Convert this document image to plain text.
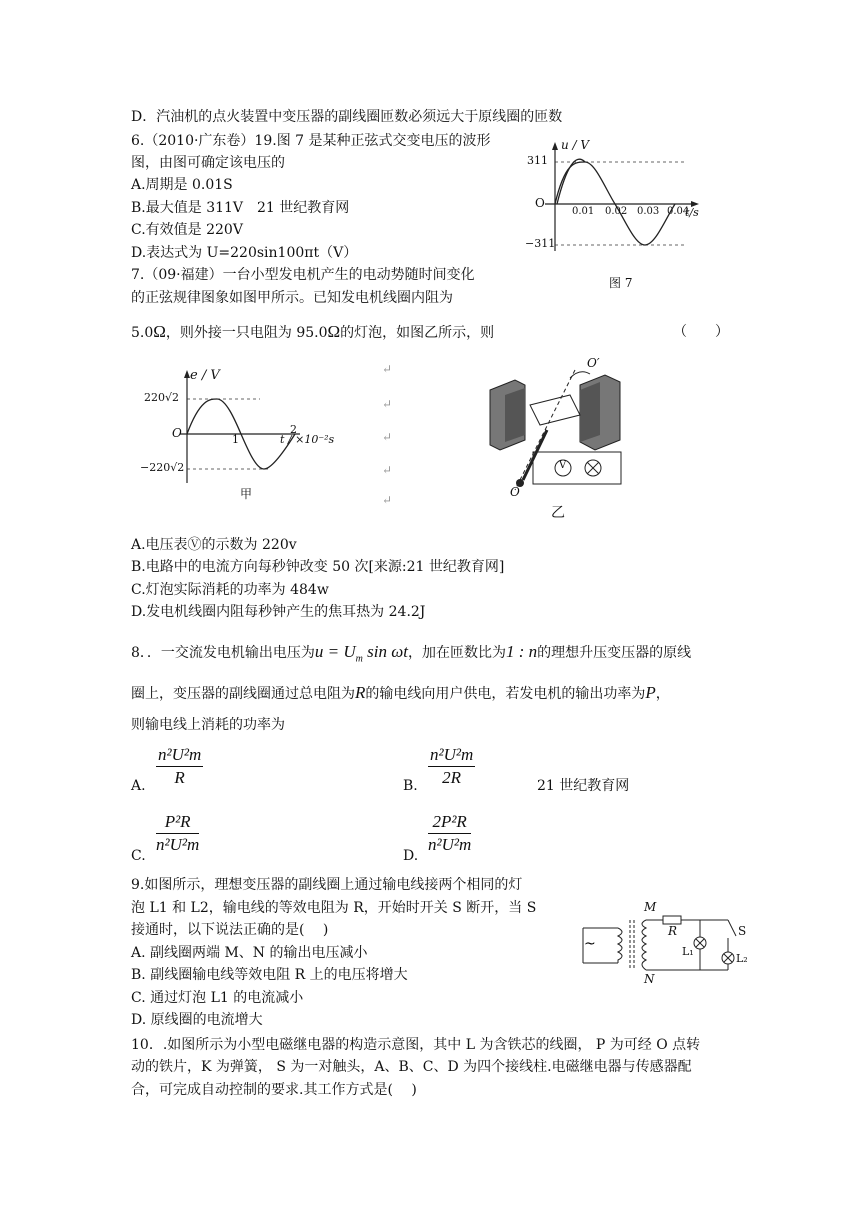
D．汽油机的点火装置中变压器的副线圈匝数必须远大于原线圈的匝数
6.（2010·广东卷）19.图 7 是某种正弦式交变电压的波形
图，由图可确定该电压的
A.周期是 0.01S
B.最大值是 311V　21 世纪教育网
C.有效值是 220V
D.表达式为 U=220sin100πt（V）
u / V
311
O
−311
0.01 0.02 0.03 0.04
t/s
图 7
7.（09·福建）一台小型发电机产生的电动势随时间变化
的正弦规律图象如图甲所示。已知发电机线圈内阻为
5.0Ω，则外接一只电阻为 95.0Ω的灯泡，如图乙所示，则	（　　）
e / V
220√2
O
−220√2
1
2
t / ×10⁻²s
甲
↵
↵
↵
↵
↵
O′
V
O
乙
A.电压表Ⓥ的示数为 220v
B.电路中的电流方向每秒钟改变 50 次[来源:21 世纪教育网]
C.灯泡实际消耗的功率为 484w
D.发电机线圈内阻每秒钟产生的焦耳热为 24.2J
8．．一交流发电机输出电压为$u = U_m$ sin ωt，加在匝数比为1 : n的理想升压变压器的原线
圈上，变压器的副线圈通过总电阻为R的输电线向用户供电，若发电机的输出功率为P，
则输电线上消耗的功率为
A. $\frac{\text{n²U²m}}{R}$	B. $\frac{\text{n²U²m}}{2R}$	21 世纪教育网
C.
$\frac{\text{P²R}}{\text{n²U²m}}$
D.
$\frac{\text{2P²R}}{\text{n²U²m}}$
9.如图所示，理想变压器的副线圈上通过输电线接两个相同的灯
泡 L1 和 L2，输电线的等效电阻为 R，开始时开关 S 断开，当 S
接通时，以下说法正确的是(　 )
A. 副线圈两端 M、N 的输出电压减小
B. 副线圈输电线等效电阻 R 上的电压将增大
C. 通过灯泡 L1 的电流减小
D. 原线圈的电流增大
~
M
N
R
L₁
S
L₂
10．.如图所示为小型电磁继电器的构造示意图，其中 L 为含铁芯的线圈， P 为可经 O 点转
动的铁片，K 为弹簧， S 为一对触头，A、B、C、D 为四个接线柱.电磁继电器与传感器配
合，可完成自动控制的要求.其工作方式是(　 )
